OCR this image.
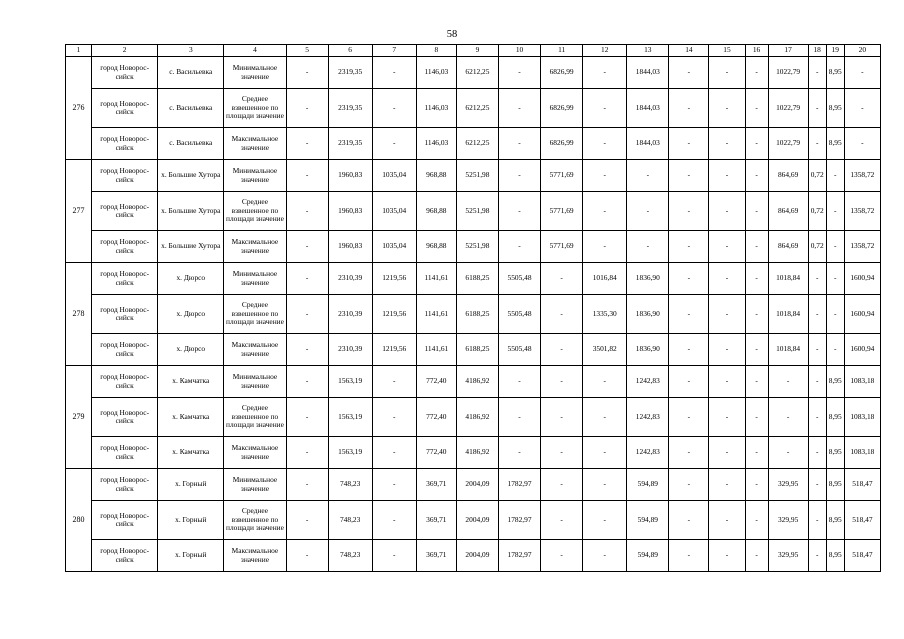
58
1	2	3	4	5	6	7	8	9	10	11	12	13	14	15	16	17	18	19	20
276	город Новорос-сийск	с. Васильевка	Минимальное значение	-	2319,35	-	1146,03	6212,25	-	6826,99	-	1844,03	-	-	-	1022,79	-	8,95	-
	город Новорос-сийск	с. Васильевка	Среднее взвешенное по площади значение	-	2319,35	-	1146,03	6212,25	-	6826,99	-	1844,03	-	-	-	1022,79	-	8,95	-
	город Новорос-сийск	с. Васильевка	Максимальное значение	-	2319,35	-	1146,03	6212,25	-	6826,99	-	1844,03	-	-	-	1022,79	-	8,95	-
277	город Новорос-сийск	х. Большие Хутора	Минимальное значение	-	1960,83	1035,04	968,88	5251,98	-	5771,69	-	-	-	-	-	864,69	0,72	-	1358,72
	город Новорос-сийск	х. Большие Хутора	Среднее взвешенное по площади значение	-	1960,83	1035,04	968,88	5251,98	-	5771,69	-	-	-	-	-	864,69	0,72	-	1358,72
	город Новорос-сийск	х. Большие Хутора	Максимальное значение	-	1960,83	1035,04	968,88	5251,98	-	5771,69	-	-	-	-	-	864,69	0,72	-	1358,72
278	город Новорос-сийск	х. Дюрсо	Минимальное значение	-	2310,39	1219,56	1141,61	6188,25	5505,48	-	1016,84	1836,90	-	-	-	1018,84	-	-	1600,94
	город Новорос-сийск	х. Дюрсо	Среднее взвешенное по площади значение	-	2310,39	1219,56	1141,61	6188,25	5505,48	-	1335,30	1836,90	-	-	-	1018,84	-	-	1600,94
	город Новорос-сийск	х. Дюрсо	Максимальное значение	-	2310,39	1219,56	1141,61	6188,25	5505,48	-	3501,82	1836,90	-	-	-	1018,84	-	-	1600,94
279	город Новорос-сийск	х. Камчатка	Минимальное значение	-	1563,19	-	772,40	4186,92	-	-	-	1242,83	-	-	-	-	-	8,95	1083,18
	город Новорос-сийск	х. Камчатка	Среднее взвешенное по площади значение	-	1563,19	-	772,40	4186,92	-	-	-	1242,83	-	-	-	-	-	8,95	1083,18
	город Новорос-сийск	х. Камчатка	Максимальное значение	-	1563,19	-	772,40	4186,92	-	-	-	1242,83	-	-	-	-	-	8,95	1083,18
280	город Новорос-сийск	х. Горный	Минимальное значение	-	748,23	-	369,71	2004,09	1782,97	-	-	594,89	-	-	-	329,95	-	8,95	518,47
	город Новорос-сийск	х. Горный	Среднее взвешенное по площади значение	-	748,23	-	369,71	2004,09	1782,97	-	-	594,89	-	-	-	329,95	-	8,95	518,47
	город Новорос-сийск	х. Горный	Максимальное значение	-	748,23	-	369,71	2004,09	1782,97	-	-	594,89	-	-	-	329,95	-	8,95	518,47
